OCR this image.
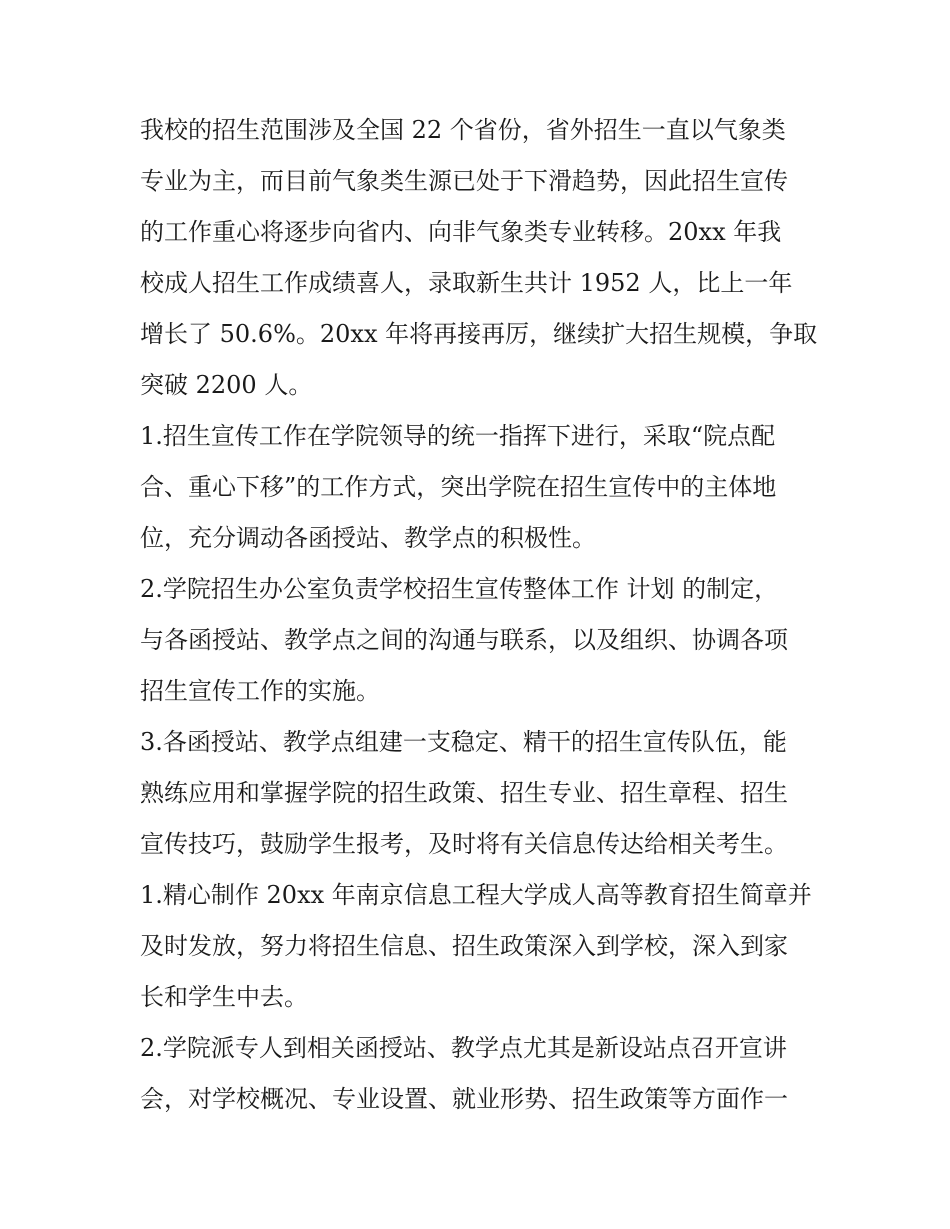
我校的招生范围涉及全国 22 个省份，省外招生一直以气象类
专业为主，而目前气象类生源已处于下滑趋势，因此招生宣传
的工作重心将逐步向省内、向非气象类专业转移。20xx 年我
校成人招生工作成绩喜人，录取新生共计 1952 人，比上一年
增长了 50.6%。20xx 年将再接再厉，继续扩大招生规模，争取
突破 2200 人。
1.招生宣传工作在学院领导的统一指挥下进行，采取“院点配
合、重心下移”的工作方式，突出学院在招生宣传中的主体地
位，充分调动各函授站、教学点的积极性。
2.学院招生办公室负责学校招生宣传整体工作 计划 的制定，
与各函授站、教学点之间的沟通与联系，以及组织、协调各项
招生宣传工作的实施。
3.各函授站、教学点组建一支稳定、精干的招生宣传队伍，能
熟练应用和掌握学院的招生政策、招生专业、招生章程、招生
宣传技巧，鼓励学生报考，及时将有关信息传达给相关考生。
1.精心制作 20xx 年南京信息工程大学成人高等教育招生简章并
及时发放，努力将招生信息、招生政策深入到学校，深入到家
长和学生中去。
2.学院派专人到相关函授站、教学点尤其是新设站点召开宣讲
会，对学校概况、专业设置、就业形势、招生政策等方面作一
